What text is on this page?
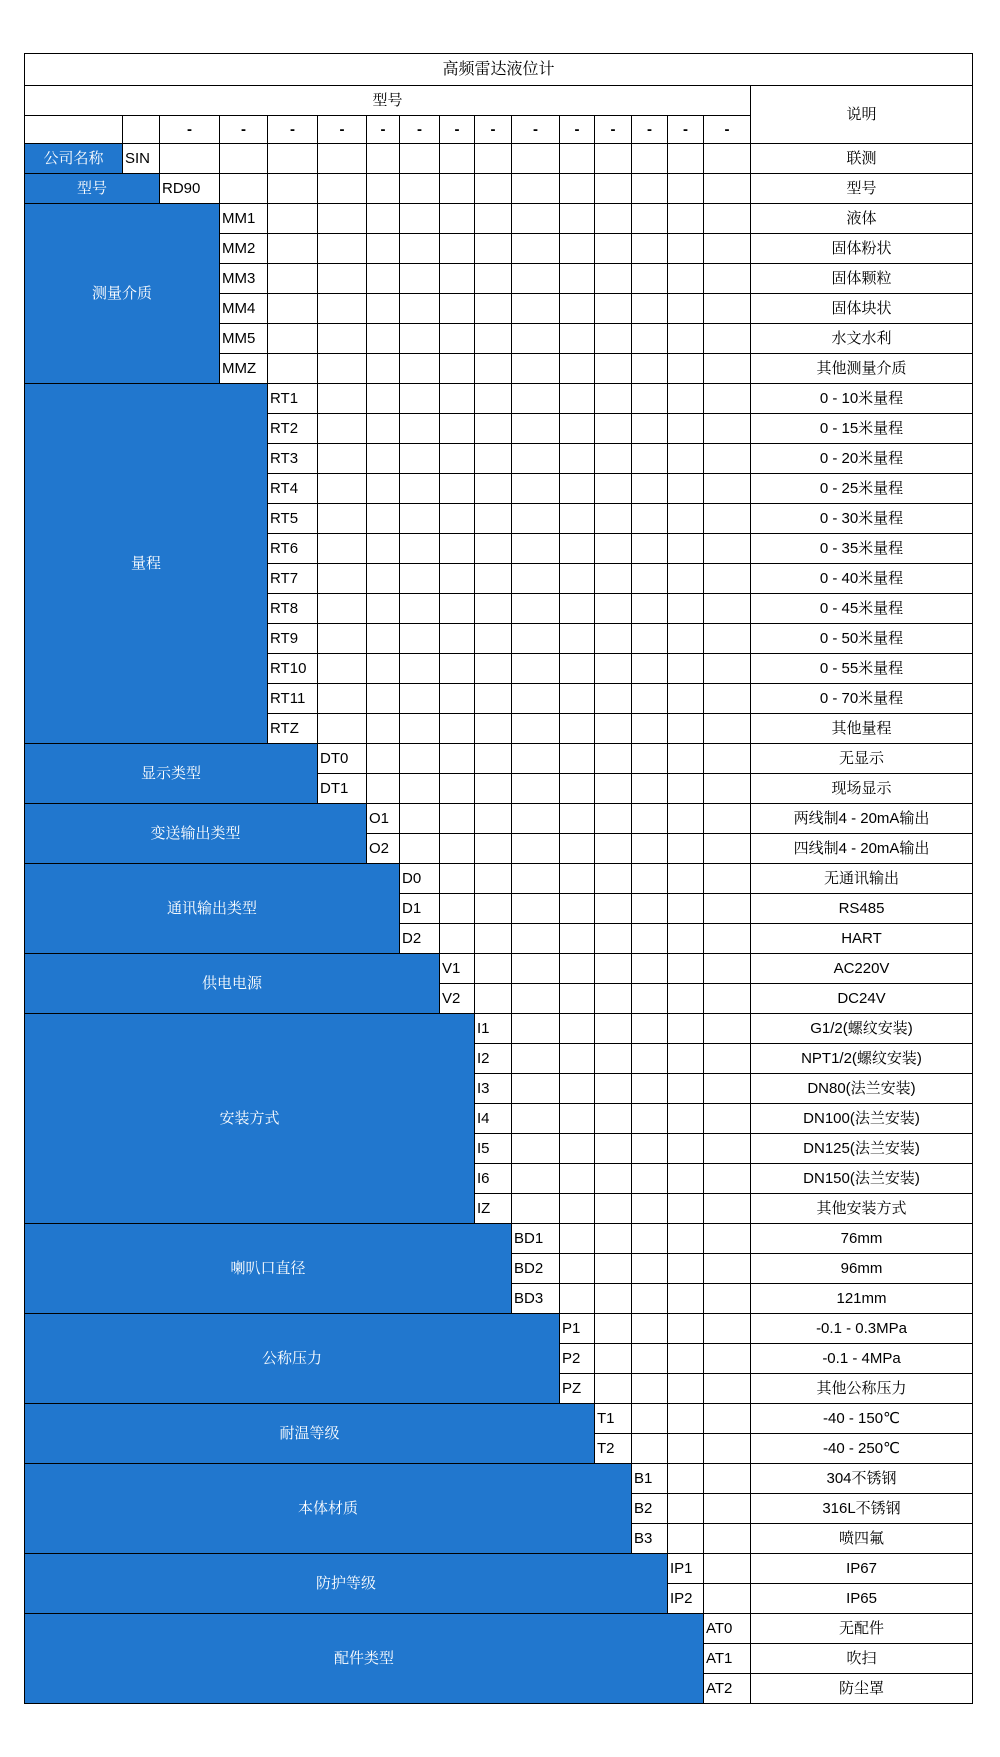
高频雷达液位计
型号
说明
-	-	-	-	-	-	-	-	-	-	-	-	-	-
公司名称	SIN	联测
型号	RD90	型号
测量介质
MM1	液体
MM2	固体粉状
MM3	固体颗粒
MM4	固体块状
MM5	水文水利
MMZ	其他测量介质
量程
RT1	0 - 10米量程
RT2	0 - 15米量程
RT3	0 - 20米量程
RT4	0 - 25米量程
RT5	0 - 30米量程
RT6	0 - 35米量程
RT7	0 - 40米量程
RT8	0 - 45米量程
RT9	0 - 50米量程
RT10	0 - 55米量程
RT11	0 - 70米量程
RTZ	其他量程
显示类型
DT0	无显示
DT1	现场显示
变送输出类型
O1	两线制4 - 20mA输出
O2	四线制4 - 20mA输出
通讯输出类型
D0	无通讯输出
D1	RS485
D2	HART
供电电源
V1	AC220V
V2	DC24V
安装方式
I1	G1/2(螺纹安装)
I2	NPT1/2(螺纹安装)
I3	DN80(法兰安装)
I4	DN100(法兰安装)
I5	DN125(法兰安装)
I6	DN150(法兰安装)
IZ	其他安装方式
喇叭口直径
BD1	76mm
BD2	96mm
BD3	121mm
公称压力
P1	-0.1 - 0.3MPa
P2	-0.1 - 4MPa
PZ	其他公称压力
耐温等级
T1	-40 - 150℃
T2	-40 - 250℃
本体材质
B1	304不锈钢
B2	316L不锈钢
B3	喷四氟
防护等级
IP1	IP67
IP2	IP65
配件类型
AT0	无配件
AT1	吹扫
AT2	防尘罩
